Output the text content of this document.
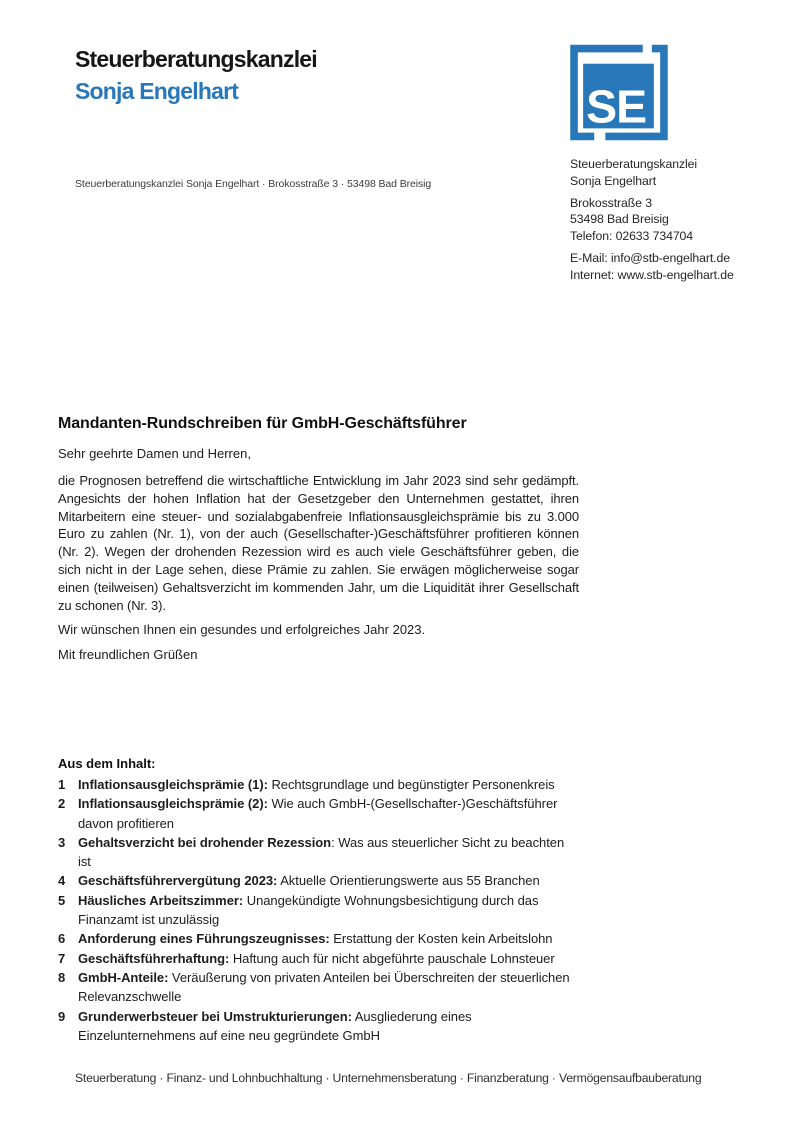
Steuerberatungskanzlei
Sonja Engelhart	SE
Steuerberatungskanzlei
Sonja Engelhart
Brokosstraße 3
53498 Bad Breisig
Telefon: 02633 734704
E-Mail: info@stb-engelhart.de
Internet: www.stb-engelhart.de
Steuerberatungskanzlei Sonja Engelhart · Brokosstraße 3 · 53498 Bad Breisig
Mandanten-Rundschreiben für GmbH-Geschäftsführer

Sehr geehrte Damen und Herren,

die Prognosen betreffend die wirtschaftliche Entwicklung im Jahr 2023 sind sehr gedämpft. Angesichts der hohen Inflation hat der Gesetzgeber den Unternehmen gestattet, ihren Mitarbeitern eine steuer- und sozialabgabenfreie Inflationsausgleichsprämie bis zu 3.000 Euro zu zahlen (Nr. 1), von der auch (Gesellschafter-)Geschäftsführer profitieren können (Nr. 2). Wegen der drohenden Rezession wird es auch viele Geschäftsführer geben, die sich nicht in der Lage sehen, diese Prämie zu zahlen. Sie erwägen möglicherweise sogar einen (teilweisen) Gehaltsverzicht im kommenden Jahr, um die Liquidität ihrer Gesellschaft zu schonen (Nr. 3).

Wir wünschen Ihnen ein gesundes und erfolgreiches Jahr 2023.

Mit freundlichen Grüßen

Aus dem Inhalt:
1 Inflationsausgleichsprämie (1): Rechtsgrundlage und begünstigter Personenkreis
2 Inflationsausgleichsprämie (2): Wie auch GmbH-(Gesellschafter-)Geschäftsführer davon profitieren
3 Gehaltsverzicht bei drohender Rezession: Was aus steuerlicher Sicht zu beachten ist
4 Geschäftsführervergütung 2023: Aktuelle Orientierungswerte aus 55 Branchen
5 Häusliches Arbeitszimmer: Unangekündigte Wohnungsbesichtigung durch das Finanzamt ist unzulässig
6 Anforderung eines Führungszeugnisses: Erstattung der Kosten kein Arbeitslohn
7 Geschäftsführerhaftung: Haftung auch für nicht abgeführte pauschale Lohnsteuer
8 GmbH-Anteile: Veräußerung von privaten Anteilen bei Überschreiten der steuerlichen Relevanzschwelle
9 Grunderwerbsteuer bei Umstrukturierungen: Ausgliederung eines Einzelunternehmens auf eine neu gegründete GmbH
Steuerberatung · Finanz- und Lohnbuchhaltung · Unternehmensberatung · Finanzberatung · Vermögensaufbauberatung
